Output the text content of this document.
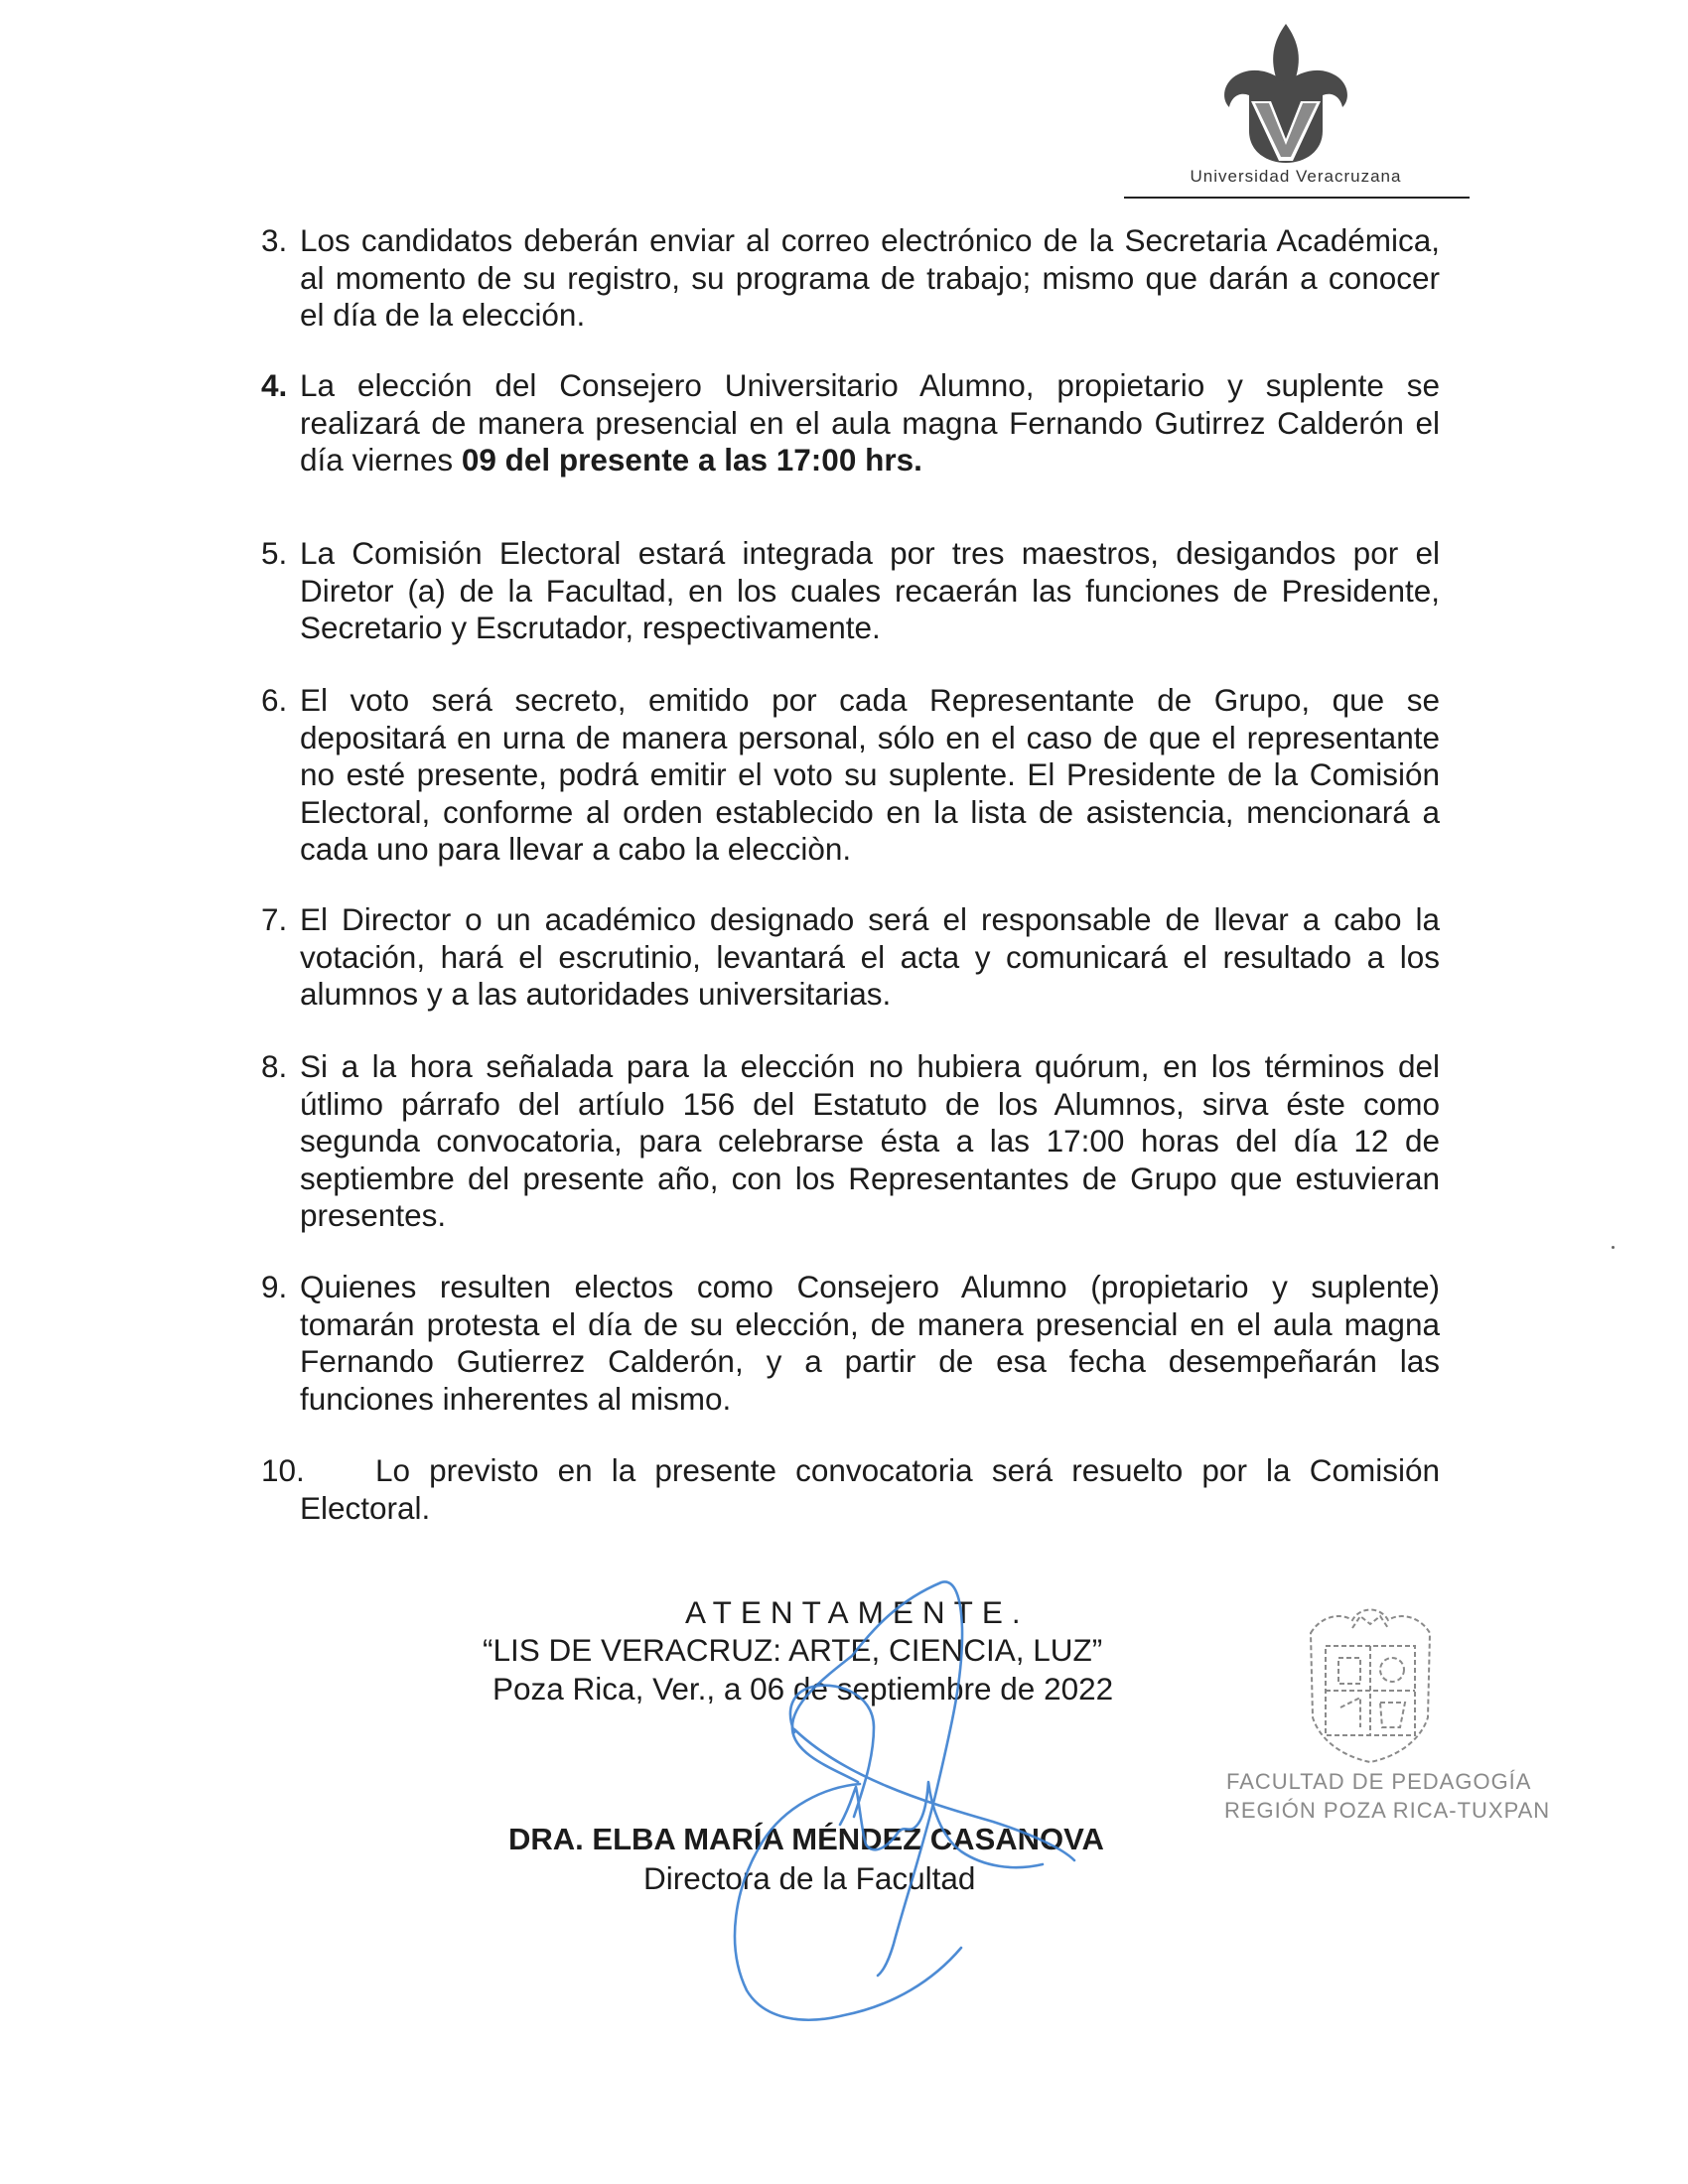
Universidad Veracruzana
3. Los candidatos deberán enviar al correo electrónico de la Secretaria Académica, al momento de su registro, su programa de trabajo; mismo que darán a conocer el día de la elección.
4. La elección del Consejero Universitario Alumno, propietario y suplente se realizará de manera presencial en el aula magna Fernando Gutirrez Calderón el día viernes 09 del presente a las 17:00 hrs.
5. La Comisión Electoral estará integrada por tres maestros, desigandos por el Diretor (a) de la Facultad, en los cuales recaerán las funciones de Presidente, Secretario y Escrutador, respectivamente.
6. El voto será secreto, emitido por cada Representante de Grupo, que se depositará en urna de manera personal, sólo en el caso de que el representante no esté presente, podrá emitir el voto su suplente. El Presidente de la Comisión Electoral, conforme al orden establecido en la lista de asistencia, mencionará a cada uno para llevar a cabo la elecciòn.
7. El Director o un académico designado será el responsable de llevar a cabo la votación, hará el escrutinio, levantará el acta y comunicará el resultado a los alumnos y a las autoridades universitarias.
8. Si a la hora señalada para la elección no hubiera quórum, en los términos del útlimo párrafo del artíulo 156 del Estatuto de los Alumnos, sirva éste como segunda convocatoria, para celebrarse ésta a las 17:00 horas del día 12 de septiembre del presente año, con los Representantes de Grupo que estuvieran presentes.
9. Quienes resulten electos como Consejero Alumno (propietario y suplente) tomarán protesta el día de su elección, de manera presencial en el aula magna Fernando Gutierrez Calderón, y a partir de esa fecha desempeñarán las funciones inherentes al mismo.
10.	Lo previsto en la presente convocatoria será resuelto por la Comisión Electoral.
ATENTAMENTE.
“LIS DE VERACRUZ: ARTE, CIENCIA, LUZ”
Poza Rica, Ver., a 06 de septiembre de 2022
DRA. ELBA MARÍA MÉNDEZ CASANOVA
Directora de la Facultad
FACULTAD DE PEDAGOGÍA
REGIÓN POZA RICA-TUXPAN
